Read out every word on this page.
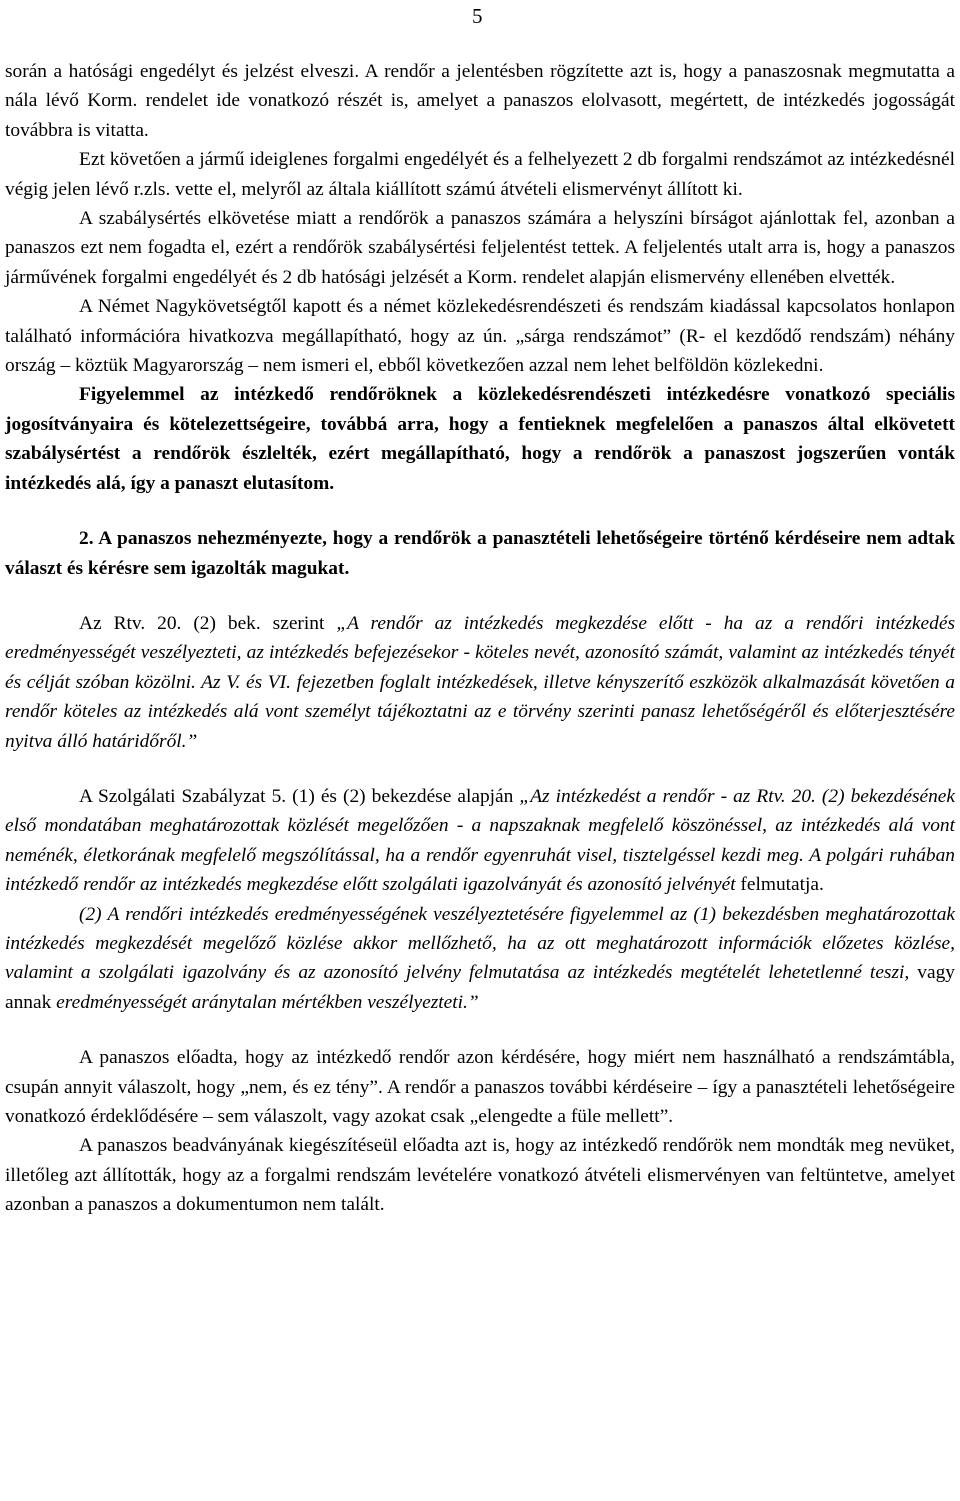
5

során a hatósági engedélyt és jelzést elveszi. A rendőr a jelentésben rögzítette azt is, hogy a panaszosnak megmutatta a nála lévő Korm. rendelet ide vonatkozó részét is, amelyet a panaszos elolvasott, megértett, de intézkedés jogosságát továbbra is vitatta.

Ezt követően a jármű ideiglenes forgalmi engedélyét és a felhelyezett 2 db forgalmi rendszámot az intézkedésnél végig jelen lévő r.zls. vette el, melyről az általa kiállított számú átvételi elismervényt állított ki.

A szabálysértés elkövetése miatt a rendőrök a panaszos számára a helyszíni bírságot ajánlottak fel, azonban a panaszos ezt nem fogadta el, ezért a rendőrök szabálysértési feljelentést tettek. A feljelentés utalt arra is, hogy a panaszos járművének forgalmi engedélyét és 2 db hatósági jelzését a Korm. rendelet alapján elismervény ellenében elvették.

A Német Nagykövetségtől kapott és a német közlekedésrendészeti és rendszám kiadással kapcsolatos honlapon található információra hivatkozva megállapítható, hogy az ún. „sárga rendszámot” (R- el kezdődő rendszám) néhány ország – köztük Magyarország – nem ismeri el, ebből következően azzal nem lehet belföldön közlekedni.

Figyelemmel az intézkedő rendőröknek a közlekedésrendészeti intézkedésre vonatkozó speciális jogosítványaira és kötelezettségeire, továbbá arra, hogy a fentieknek megfelelően a panaszos által elkövetett szabálysértést a rendőrök észlelték, ezért megállapítható, hogy a rendőrök a panaszost jogszerűen vonták intézkedés alá, így a panaszt elutasítom.

2. A panaszos nehezményezte, hogy a rendőrök a panasztételi lehetőségeire történő kérdéseire nem adtak választ és kérésre sem igazolták magukat.

Az Rtv. 20. (2) bek. szerint „A rendőr az intézkedés megkezdése előtt - ha az a rendőri intézkedés eredményességét veszélyezteti, az intézkedés befejezésekor - köteles nevét, azonosító számát, valamint az intézkedés tényét és célját szóban közölni. Az V. és VI. fejezetben foglalt intézkedések, illetve kényszerítő eszközök alkalmazását követően a rendőr köteles az intézkedés alá vont személyt tájékoztatni az e törvény szerinti panasz lehetőségéről és előterjesztésére nyitva álló határidőről.”

A Szolgálati Szabályzat 5. (1) és (2) bekezdése alapján „Az intézkedést a rendőr - az Rtv. 20. (2) bekezdésének első mondatában meghatározottak közlését megelőzően - a napszaknak megfelelő köszönéssel, az intézkedés alá vont neménék, életkorának megfelelő megszólítással, ha a rendőr egyenruhát visel, tisztelgéssel kezdi meg. A polgári ruhában intézkedő rendőr az intézkedés megkezdése előtt szolgálati igazolványát és azonosító jelvényét felmutatja.

(2) A rendőri intézkedés eredményességének veszélyeztetésére figyelemmel az (1) bekezdésben meghatározottak intézkedés megkezdését megelőző közlése akkor mellőzhető, ha az ott meghatározott információk előzetes közlése, valamint a szolgálati igazolvány és az azonosító jelvény felmutatása az intézkedés megtételét lehetetlenné teszi, vagy annak eredményességét aránytalan mértékben veszélyezteti.”

A panaszos előadta, hogy az intézkedő rendőr azon kérdésére, hogy miért nem használható a rendszámtábla, csupán annyit válaszolt, hogy „nem, és ez tény”. A rendőr a panaszos további kérdéseire – így a panasztételi lehetőségeire vonatkozó érdeklődésére – sem válaszolt, vagy azokat csak „elengedte a füle mellett”.

A panaszos beadványának kiegészítéseül előadta azt is, hogy az intézkedő rendőrök nem mondták meg nevüket, illetőleg azt állították, hogy az a forgalmi rendszám levételére vonatkozó átvételi elismervényen van feltüntetve, amelyet azonban a panaszos a dokumentumon nem talált.
